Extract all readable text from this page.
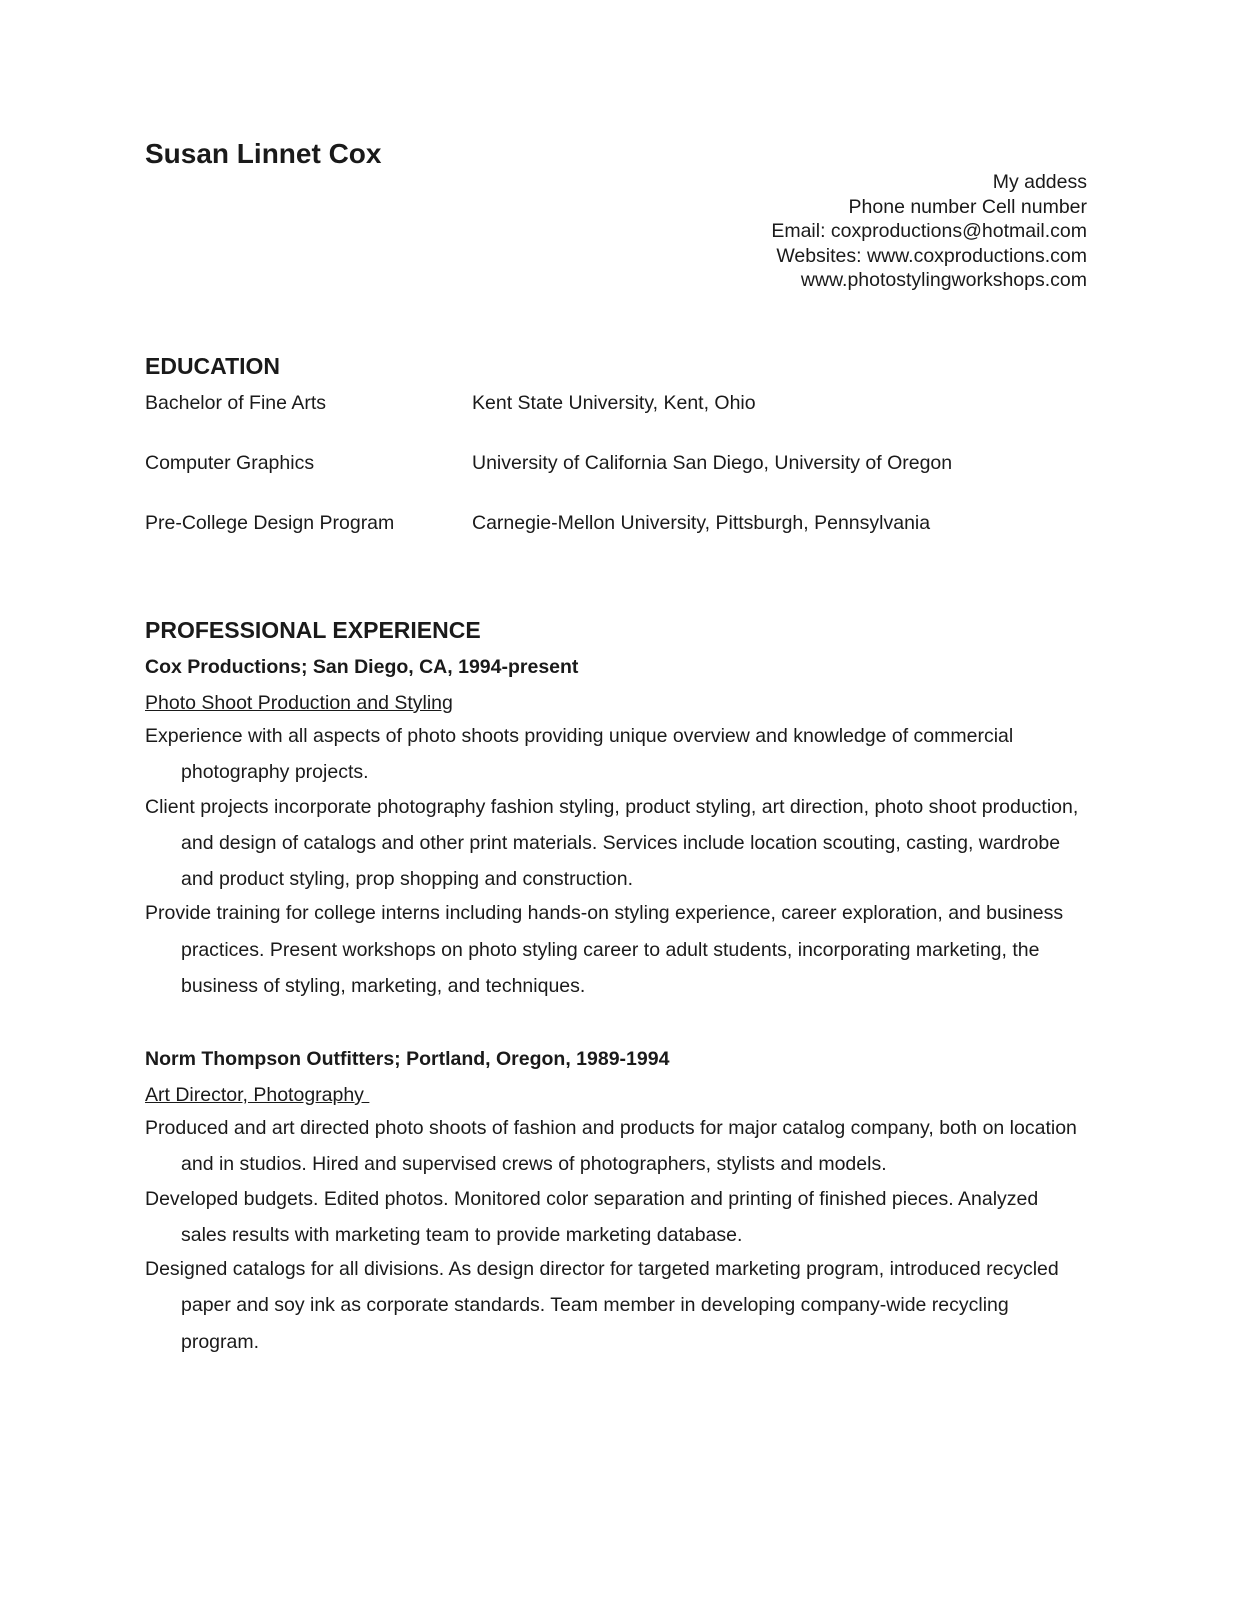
Susan Linnet Cox
My addess
Phone number Cell number
Email: coxproductions@hotmail.com
Websites: www.coxproductions.com
www.photostylingworkshops.com
EDUCATION
Bachelor of Fine Arts	Kent State University, Kent, Ohio
Computer Graphics	University of California San Diego, University of Oregon
Pre-College Design Program	Carnegie-Mellon University, Pittsburgh, Pennsylvania
PROFESSIONAL EXPERIENCE
Cox Productions; San Diego, CA, 1994-present
Photo Shoot Production and Styling
Experience with all aspects of photo shoots providing unique overview and knowledge of commercial photography projects.
Client projects incorporate photography fashion styling, product styling, art direction, photo shoot production, and design of catalogs and other print materials. Services include location scouting, casting, wardrobe and product styling, prop shopping and construction.
Provide training for college interns including hands-on styling experience, career exploration, and business practices. Present workshops on photo styling career to adult students, incorporating marketing, the business of styling, marketing, and techniques.
Norm Thompson Outfitters; Portland, Oregon, 1989-1994
Art Director, Photography
Produced and art directed photo shoots of fashion and products for major catalog company, both on location and in studios. Hired and supervised crews of photographers, stylists and models.
Developed budgets. Edited photos. Monitored color separation and printing of finished pieces. Analyzed sales results with marketing team to provide marketing database.
Designed catalogs for all divisions. As design director for targeted marketing program, introduced recycled paper and soy ink as corporate standards. Team member in developing company-wide recycling program.
